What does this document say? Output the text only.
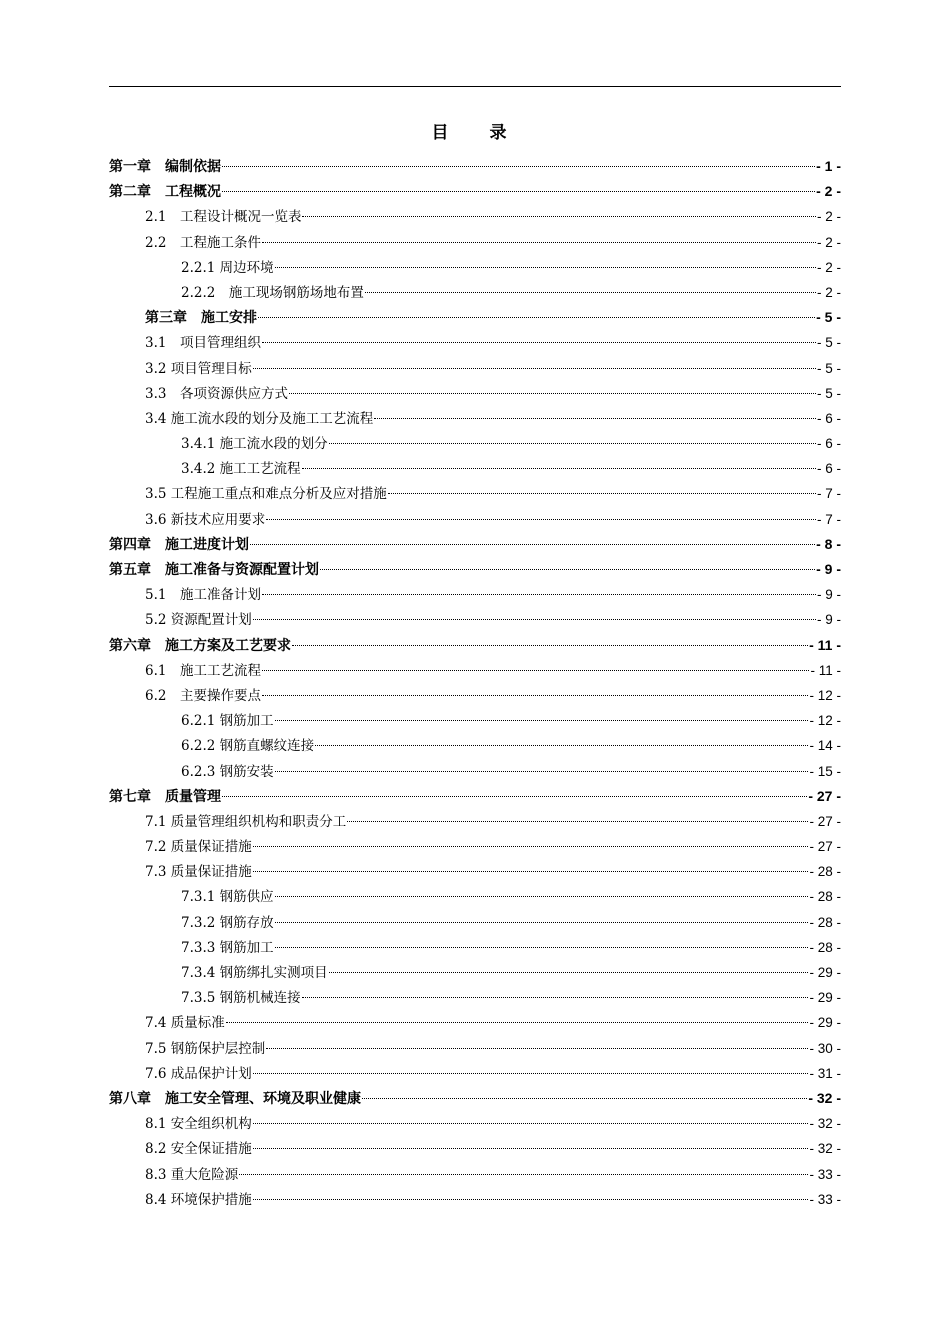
目　录
第一章　编制依据	- 1 -
第二章　工程概况	- 2 -
2.1　工程设计概况一览表	- 2 -
2.2　工程施工条件	- 2 -
2.2.1 周边环境	- 2 -
2.2.2　施工现场钢筋场地布置	- 2 -
第三章　施工安排	- 5 -
3.1　项目管理组织	- 5 -
3.2 项目管理目标	- 5 -
3.3　各项资源供应方式	- 5 -
3.4 施工流水段的划分及施工工艺流程	- 6 -
3.4.1 施工流水段的划分	- 6 -
3.4.2 施工工艺流程	- 6 -
3.5 工程施工重点和难点分析及应对措施	- 7 -
3.6 新技术应用要求	- 7 -
第四章　施工进度计划	- 8 -
第五章　施工准备与资源配置计划	- 9 -
5.1　施工准备计划	- 9 -
5.2 资源配置计划	- 9 -
第六章　施工方案及工艺要求	- 11 -
6.1　施工工艺流程	- 11 -
6.2　主要操作要点	- 12 -
6.2.1 钢筋加工	- 12 -
6.2.2 钢筋直螺纹连接	- 14 -
6.2.3 钢筋安装	- 15 -
第七章　质量管理	- 27 -
7.1 质量管理组织机构和职责分工	- 27 -
7.2 质量保证措施	- 27 -
7.3 质量保证措施	- 28 -
7.3.1 钢筋供应	- 28 -
7.3.2 钢筋存放	- 28 -
7.3.3 钢筋加工	- 28 -
7.3.4 钢筋绑扎实测项目	- 29 -
7.3.5 钢筋机械连接	- 29 -
7.4 质量标准	- 29 -
7.5 钢筋保护层控制	- 30 -
7.6 成品保护计划	- 31 -
第八章　施工安全管理、环境及职业健康	- 32 -
8.1 安全组织机构	- 32 -
8.2 安全保证措施	- 32 -
8.3 重大危险源	- 33 -
8.4 环境保护措施	- 33 -
